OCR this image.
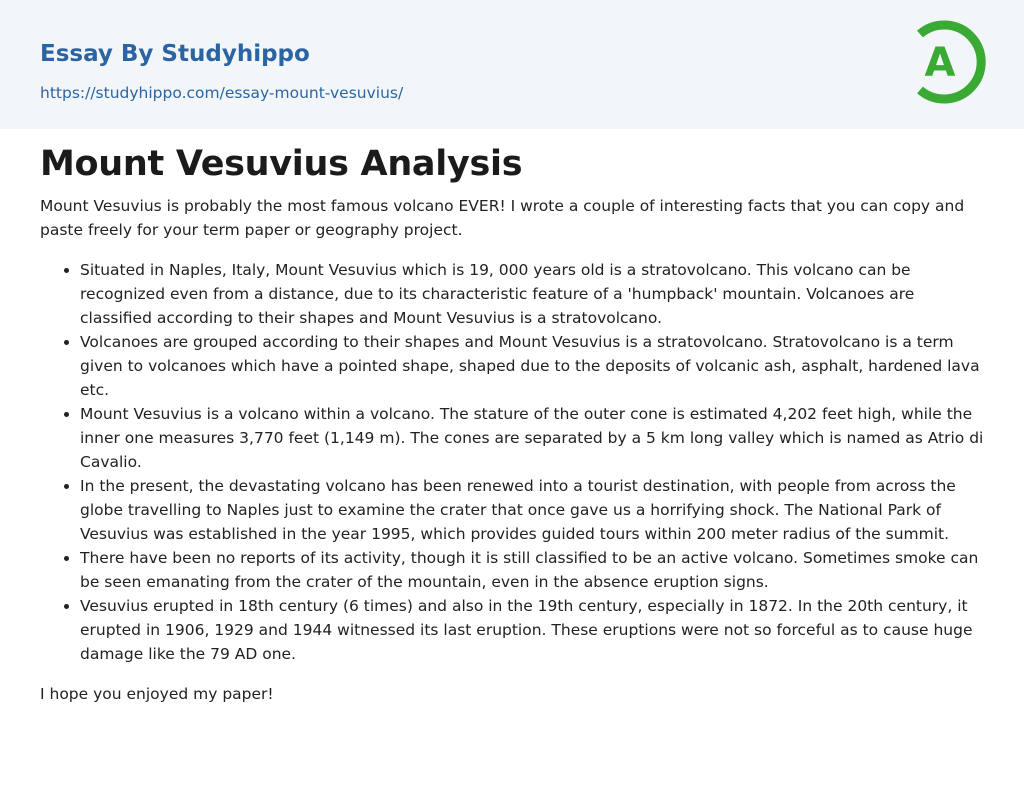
Essay By Studyhippo
https://studyhippo.com/essay-mount-vesuvius/
A
Mount Vesuvius Analysis

Mount Vesuvius is probably the most famous volcano EVER! I wrote a couple of interesting facts that you can copy and paste freely for your term paper or geography project.

• Situated in Naples, Italy, Mount Vesuvius which is 19, 000 years old is a stratovolcano. This volcano can be recognized even from a distance, due to its characteristic feature of a 'humpback' mountain. Volcanoes are classified according to their shapes and Mount Vesuvius is a stratovolcano.
• Volcanoes are grouped according to their shapes and Mount Vesuvius is a stratovolcano. Stratovolcano is a term given to volcanoes which have a pointed shape, shaped due to the deposits of volcanic ash, asphalt, hardened lava etc.
• Mount Vesuvius is a volcano within a volcano. The stature of the outer cone is estimated 4,202 feet high, while the inner one measures 3,770 feet (1,149 m). The cones are separated by a 5 km long valley which is named as Atrio di Cavalio.
• In the present, the devastating volcano has been renewed into a tourist destination, with people from across the globe travelling to Naples just to examine the crater that once gave us a horrifying shock. The National Park of Vesuvius was established in the year 1995, which provides guided tours within 200 meter radius of the summit.
• There have been no reports of its activity, though it is still classified to be an active volcano. Sometimes smoke can be seen emanating from the crater of the mountain, even in the absence eruption signs.
• Vesuvius erupted in 18th century (6 times) and also in the 19th century, especially in 1872. In the 20th century, it erupted in 1906, 1929 and 1944 witnessed its last eruption. These eruptions were not so forceful as to cause huge damage like the 79 AD one.

I hope you enjoyed my paper!
